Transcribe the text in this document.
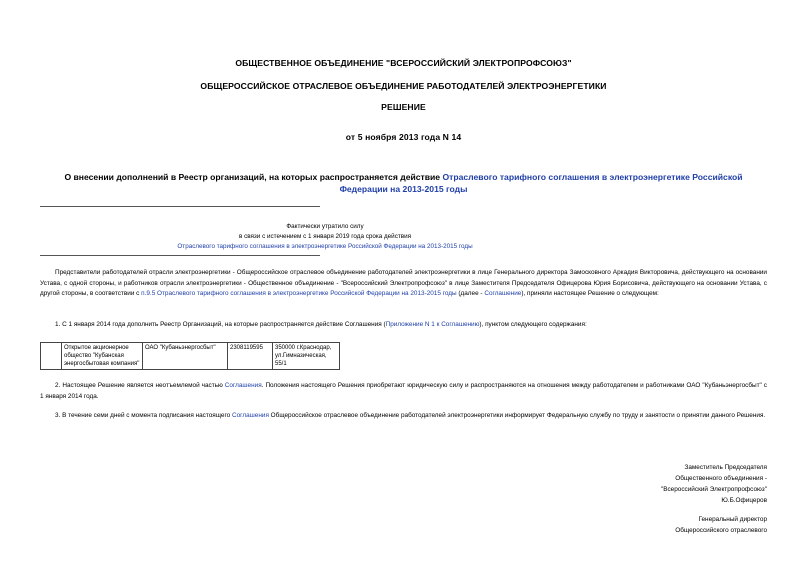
ОБЩЕСТВЕННОЕ ОБЪЕДИНЕНИЕ "ВСЕРОССИЙСКИЙ ЭЛЕКТРОПРОФСОЮЗ"
ОБЩЕРОССИЙСКОЕ ОТРАСЛЕВОЕ ОБЪЕДИНЕНИЕ РАБОТОДАТЕЛЕЙ ЭЛЕКТРОЭНЕРГЕТИКИ
РЕШЕНИЕ
от 5 ноября 2013 года N 14
О внесении дополнений в Реестр организаций, на которых распространяется действие Отраслевого тарифного соглашения в электроэнергетике Российской Федерации на 2013-2015 годы
Фактически утратило силу
в связи с истечением с 1 января 2019 года срока действия
Отраслевого тарифного соглашения в электроэнергетике Российской Федерации на 2013-2015 годы
Представители работодателей отрасли электроэнергетики - Общероссийское отраслевое объединение работодателей электроэнергетики в лице Генерального директора Замосковного Аркадия Викторовича, действующего на основании Устава, с одной стороны, и работников отрасли электроэнергетики - Общественное объединение - "Всероссийский Электропрофсоюз" в лице Заместителя Председателя Офицерова Юрия Борисовича, действующего на основании Устава, с другой стороны, в соответствии с п.9.5 Отраслевого тарифного соглашения в электроэнергетике Российской Федерации на 2013-2015 годы (далее - Соглашение), приняли настоящее Решение о следующем:
1. С 1 января 2014 года дополнить Реестр Организаций, на которые распространяется действие Соглашения (Приложение N 1 к Соглашению), пунктом следующего содержания:
	Открытое акционерное общество "Кубанская энергосбытовая компания"	ОАО "Кубаньэнергосбыт"	2308119595	350000 г.Краснодар, ул.Гимназическая, 55/1
2. Настоящее Решение является неотъемлемой частью Соглашения. Положения настоящего Решения приобретают юридическую силу и распространяются на отношения между работодателем и работниками ОАО "Кубаньэнергосбыт" с 1 января 2014 года.
3. В течение семи дней с момента подписания настоящего Соглашения Общероссийское отраслевое объединение работодателей электроэнергетики информирует Федеральную службу по труду и занятости о принятии данного Решения.
Заместитель Председателя
Общественного объединения -
"Всероссийский Электропрофсоюз"
Ю.Б.Офицеров
Генеральный директор
Общероссийского отраслевого
